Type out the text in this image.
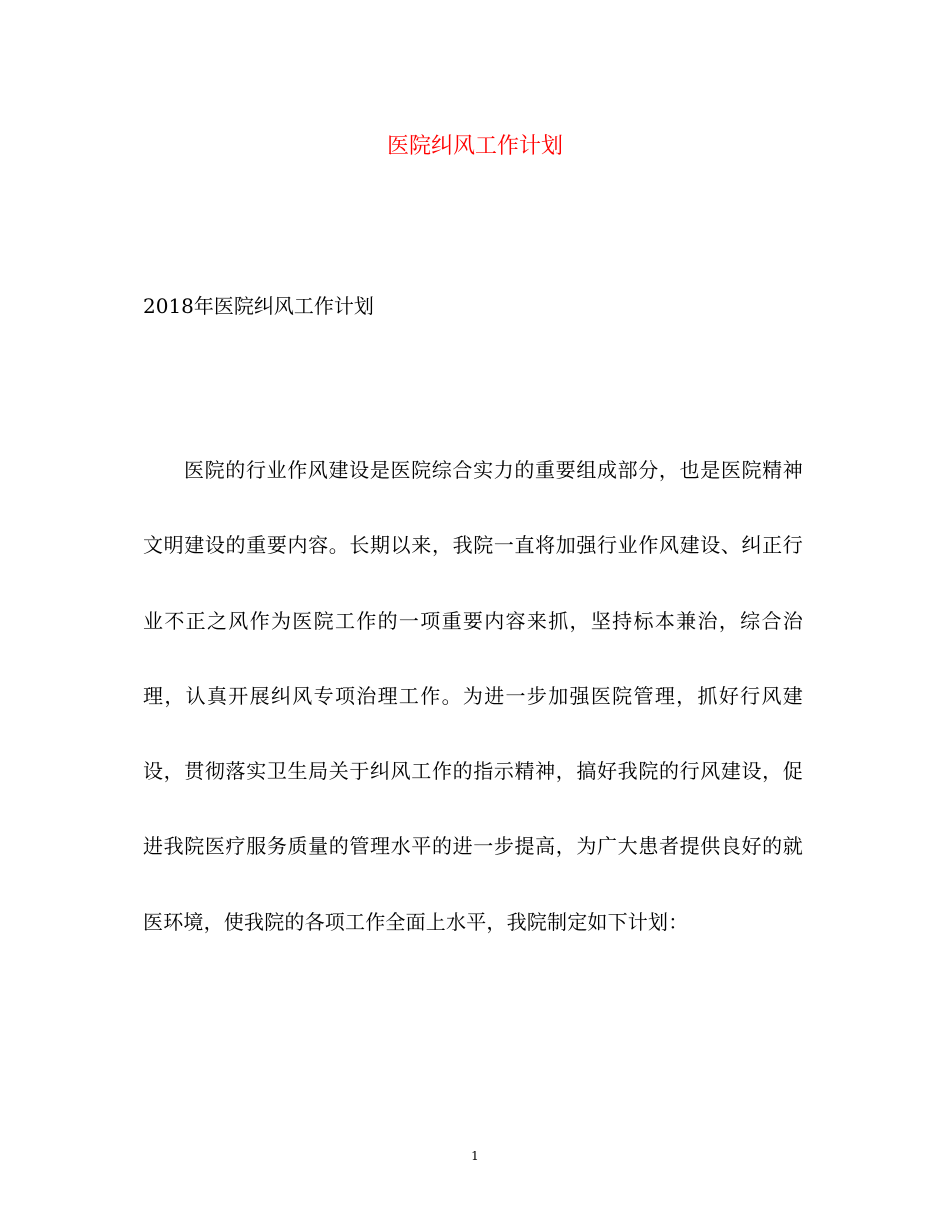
医院纠风工作计划

2018年医院纠风工作计划

医院的行业作风建设是医院综合实力的重要组成部分，也是医院精神文明建设的重要内容。长期以来，我院一直将加强行业作风建设、纠正行业不正之风作为医院工作的一项重要内容来抓，坚持标本兼治，综合治理，认真开展纠风专项治理工作。为进一步加强医院管理，抓好行风建设，贯彻落实卫生局关于纠风工作的指示精神，搞好我院的行风建设，促进我院医疗服务质量的管理水平的进一步提高，为广大患者提供良好的就医环境，使我院的各项工作全面上水平，我院制定如下计划：

1
